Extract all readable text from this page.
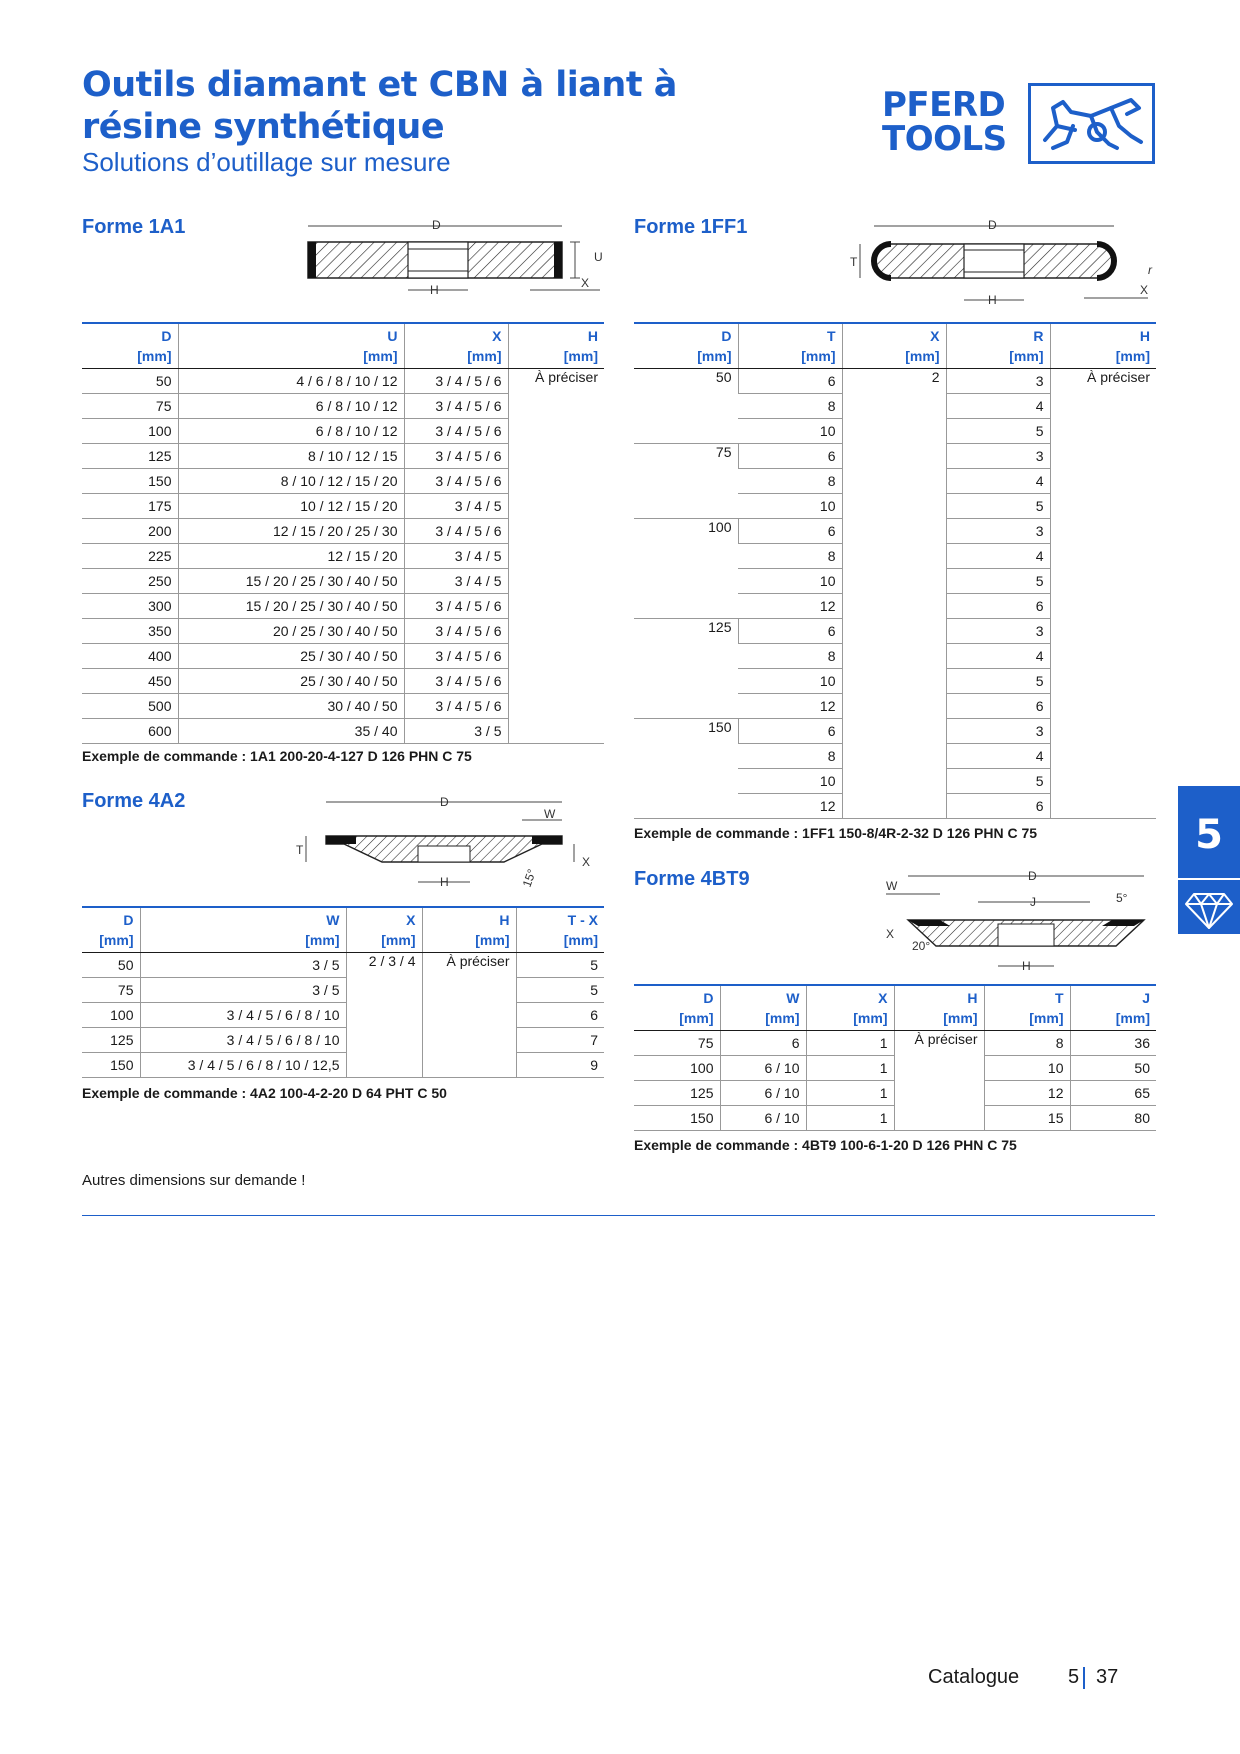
Outils diamant et CBN à liant à résine synthétique
Solutions d’outillage sur mesure
PFERD
TOOLS
Forme 1A1	D
U
H	X
D
[mm]	U
[mm]	X
[mm]	H
[mm]

50	4 / 6 / 8 / 10 / 12	3 / 4 / 5 / 6	À préciser
75	6 / 8 / 10 / 12	3 / 4 / 5 / 6	
100	6 / 8 / 10 / 12	3 / 4 / 5 / 6	
125	8 / 10 / 12 / 15	3 / 4 / 5 / 6	
150	8 / 10 / 12 / 15 / 20	3 / 4 / 5 / 6	
175	10 / 12 / 15 / 20	3 / 4 / 5	
200	12 / 15 / 20 / 25 / 30	3 / 4 / 5 / 6	
225	12 / 15 / 20	3 / 4 / 5	
250	15 / 20 / 25 / 30 / 40 / 50	3 / 4 / 5	
300	15 / 20 / 25 / 30 / 40 / 50	3 / 4 / 5 / 6	
350	20 / 25 / 30 / 40 / 50	3 / 4 / 5 / 6	
400	25 / 30 / 40 / 50	3 / 4 / 5 / 6	
450	25 / 30 / 40 / 50	3 / 4 / 5 / 6	
500	30 / 40 / 50	3 / 4 / 5 / 6	
600	35 / 40	3 / 5	
Exemple de commande : 1A1 200-20-4-127 D 126 PHN C 75
Forme 4A2	D
W
T
X
H	15°
D
[mm]	W
[mm]	X
[mm]	H
[mm]	T - X
[mm]

50	3 / 5	2 / 3 / 4	À préciser	5
75	3 / 5			5
100	3 / 4 / 5 / 6 / 8 / 10			6
125	3 / 4 / 5 / 6 / 8 / 10			7
150	3 / 4 / 5 / 6 / 8 / 10 / 12,5			9
Exemple de commande : 4A2 100-4-2-20 D 64 PHT C 50
Forme 1FF1	D
T
r
H
X
D
[mm]	T
[mm]	X
[mm]	R
[mm]	H
[mm]

50	6	2	3	À préciser
	8		4	
	10		5	
75	6		3	
	8		4	
	10		5	
100	6		3	
	8		4	
	10		5	
	12		6	
125	6		3	
	8		4	
	10		5	
	12		6	
150	6		3	
	8		4	
	10		5	
	12		6	
Exemple de commande : 1FF1 150-8/4R-2-32 D 126 PHN C 75
Forme 4BT9	D
W
J	5°
X
20°
H
D
[mm]	W
[mm]	X
[mm]	H
[mm]	T
[mm]	J
[mm]

75	6	1	À préciser	8	36
100	6 / 10	1		10	50
125	6 / 10	1		12	65
150	6 / 10	1		15	80
Exemple de commande : 4BT9 100-6-1-20 D 126 PHN C 75
Autres dimensions sur demande !
5
Catalogue 5 37
